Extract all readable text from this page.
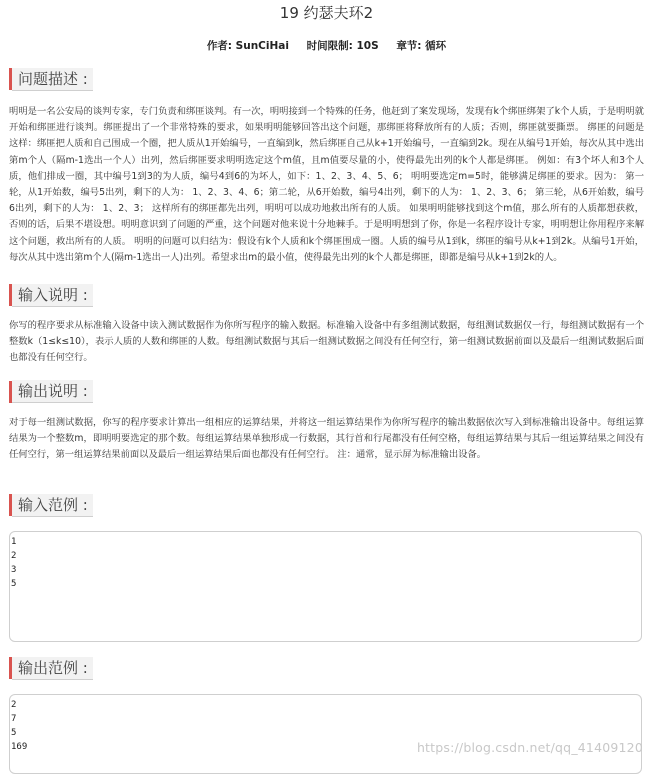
19 约瑟夫环2
作者: SunCiHai 时间限制: 10S 章节: 循环
问题描述 :
明明是一名公安局的谈判专家，专门负责和绑匪谈判。有一次，明明接到一个特殊的任务，他赶到了案发现场，发现有k个绑匪绑架了k个人质，于是明明就开始和绑匪进行谈判。绑匪提出了一个非常特殊的要求，如果明明能够回答出这个问题，那绑匪将释放所有的人质；否则，绑匪就要撕票。 绑匪的问题是这样：绑匪把人质和自己围成一个圈，把人质从1开始编号，一直编到k，然后绑匪自己从k+1开始编号，一直编到2k。现在从编号1开始，每次从其中选出第m个人（隔m-1选出一个人）出列，然后绑匪要求明明选定这个m值，且m值要尽量的小，使得最先出列的k个人都是绑匪。 例如：有3个坏人和3个人质，他们排成一圈，其中编号1到3的为人质，编号4到6的为坏人，如下：1、2、3、4、5、6； 明明要选定m=5时，能够满足绑匪的要求。因为： 第一轮，从1开始数，编号5出列，剩下的人为： 1、2、3、4、6；第二轮，从6开始数，编号4出列，剩下的人为： 1、2、3、6； 第三轮，从6开始数，编号6出列，剩下的人为： 1、2、3； 这样所有的绑匪都先出列，明明可以成功地救出所有的人质。 如果明明能够找到这个m值，那么所有的人质都想获救，否则的话，后果不堪设想。明明意识到了问题的严重，这个问题对他来说十分地棘手。于是明明想到了你，你是一名程序设计专家，明明想让你用程序来解这个问题，救出所有的人质。 明明的问题可以归结为：假设有k个人质和k个绑匪围成一圈。人质的编号从1到k，绑匪的编号从k+1到2k。从编号1开始，每次从其中选出第m个人(隔m-1选出一人)出列。希望求出m的最小值，使得最先出列的k个人都是绑匪，即都是编号从k+1到2k的人。
输入说明 :
你写的程序要求从标准输入设备中读入测试数据作为你所写程序的输入数据。标准输入设备中有多组测试数据，每组测试数据仅一行，每组测试数据有一个整数k（1≤k≤10），表示人质的人数和绑匪的人数。每组测试数据与其后一组测试数据之间没有任何空行，第一组测试数据前面以及最后一组测试数据后面也都没有任何空行。
输出说明 :
对于每一组测试数据，你写的程序要求计算出一组相应的运算结果，并将这一组运算结果作为你所写程序的输出数据依次写入到标准输出设备中。每组运算结果为一个整数m，即明明要选定的那个数。每组运算结果单独形成一行数据，其行首和行尾都没有任何空格，每组运算结果与其后一组运算结果之间没有任何空行，第一组运算结果前面以及最后一组运算结果后面也都没有任何空行。 注：通常，显示屏为标准输出设备。
输入范例 :
1
2
3
5
输出范例 :
2
7
5
169	https://blog.csdn.net/qq_41409120
